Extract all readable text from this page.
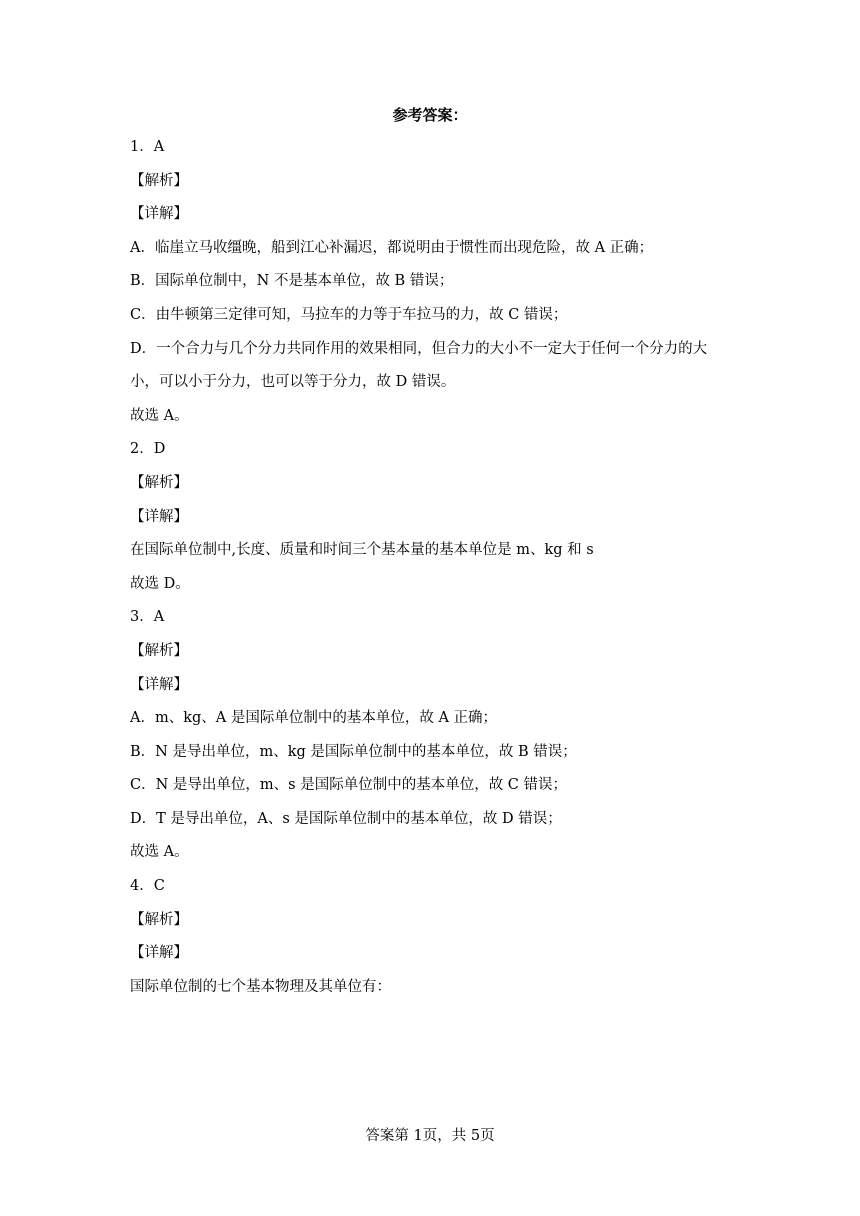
参考答案：
1．A
【解析】
【详解】
A．临崖立马收缰晚，船到江心补漏迟，都说明由于惯性而出现危险，故 A 正确；
B．国际单位制中，N 不是基本单位，故 B 错误；
C．由牛顿第三定律可知，马拉车的力等于车拉马的力，故 C 错误；
D．一个合力与几个分力共同作用的效果相同，但合力的大小不一定大于任何一个分力的大
小，可以小于分力，也可以等于分力，故 D 错误。
故选 A。
2．D
【解析】
【详解】
在国际单位制中,长度、质量和时间三个基本量的基本单位是 m、kg 和 s
故选 D。
3．A
【解析】
【详解】
A．m、kg、A 是国际单位制中的基本单位，故 A 正确；
B．N 是导出单位，m、kg 是国际单位制中的基本单位，故 B 错误；
C．N 是导出单位，m、s 是国际单位制中的基本单位，故 C 错误；
D．T 是导出单位，A、s 是国际单位制中的基本单位，故 D 错误；
故选 A。
4．C
【解析】
【详解】
国际单位制的七个基本物理及其单位有：
答案第 1页，共 5页
